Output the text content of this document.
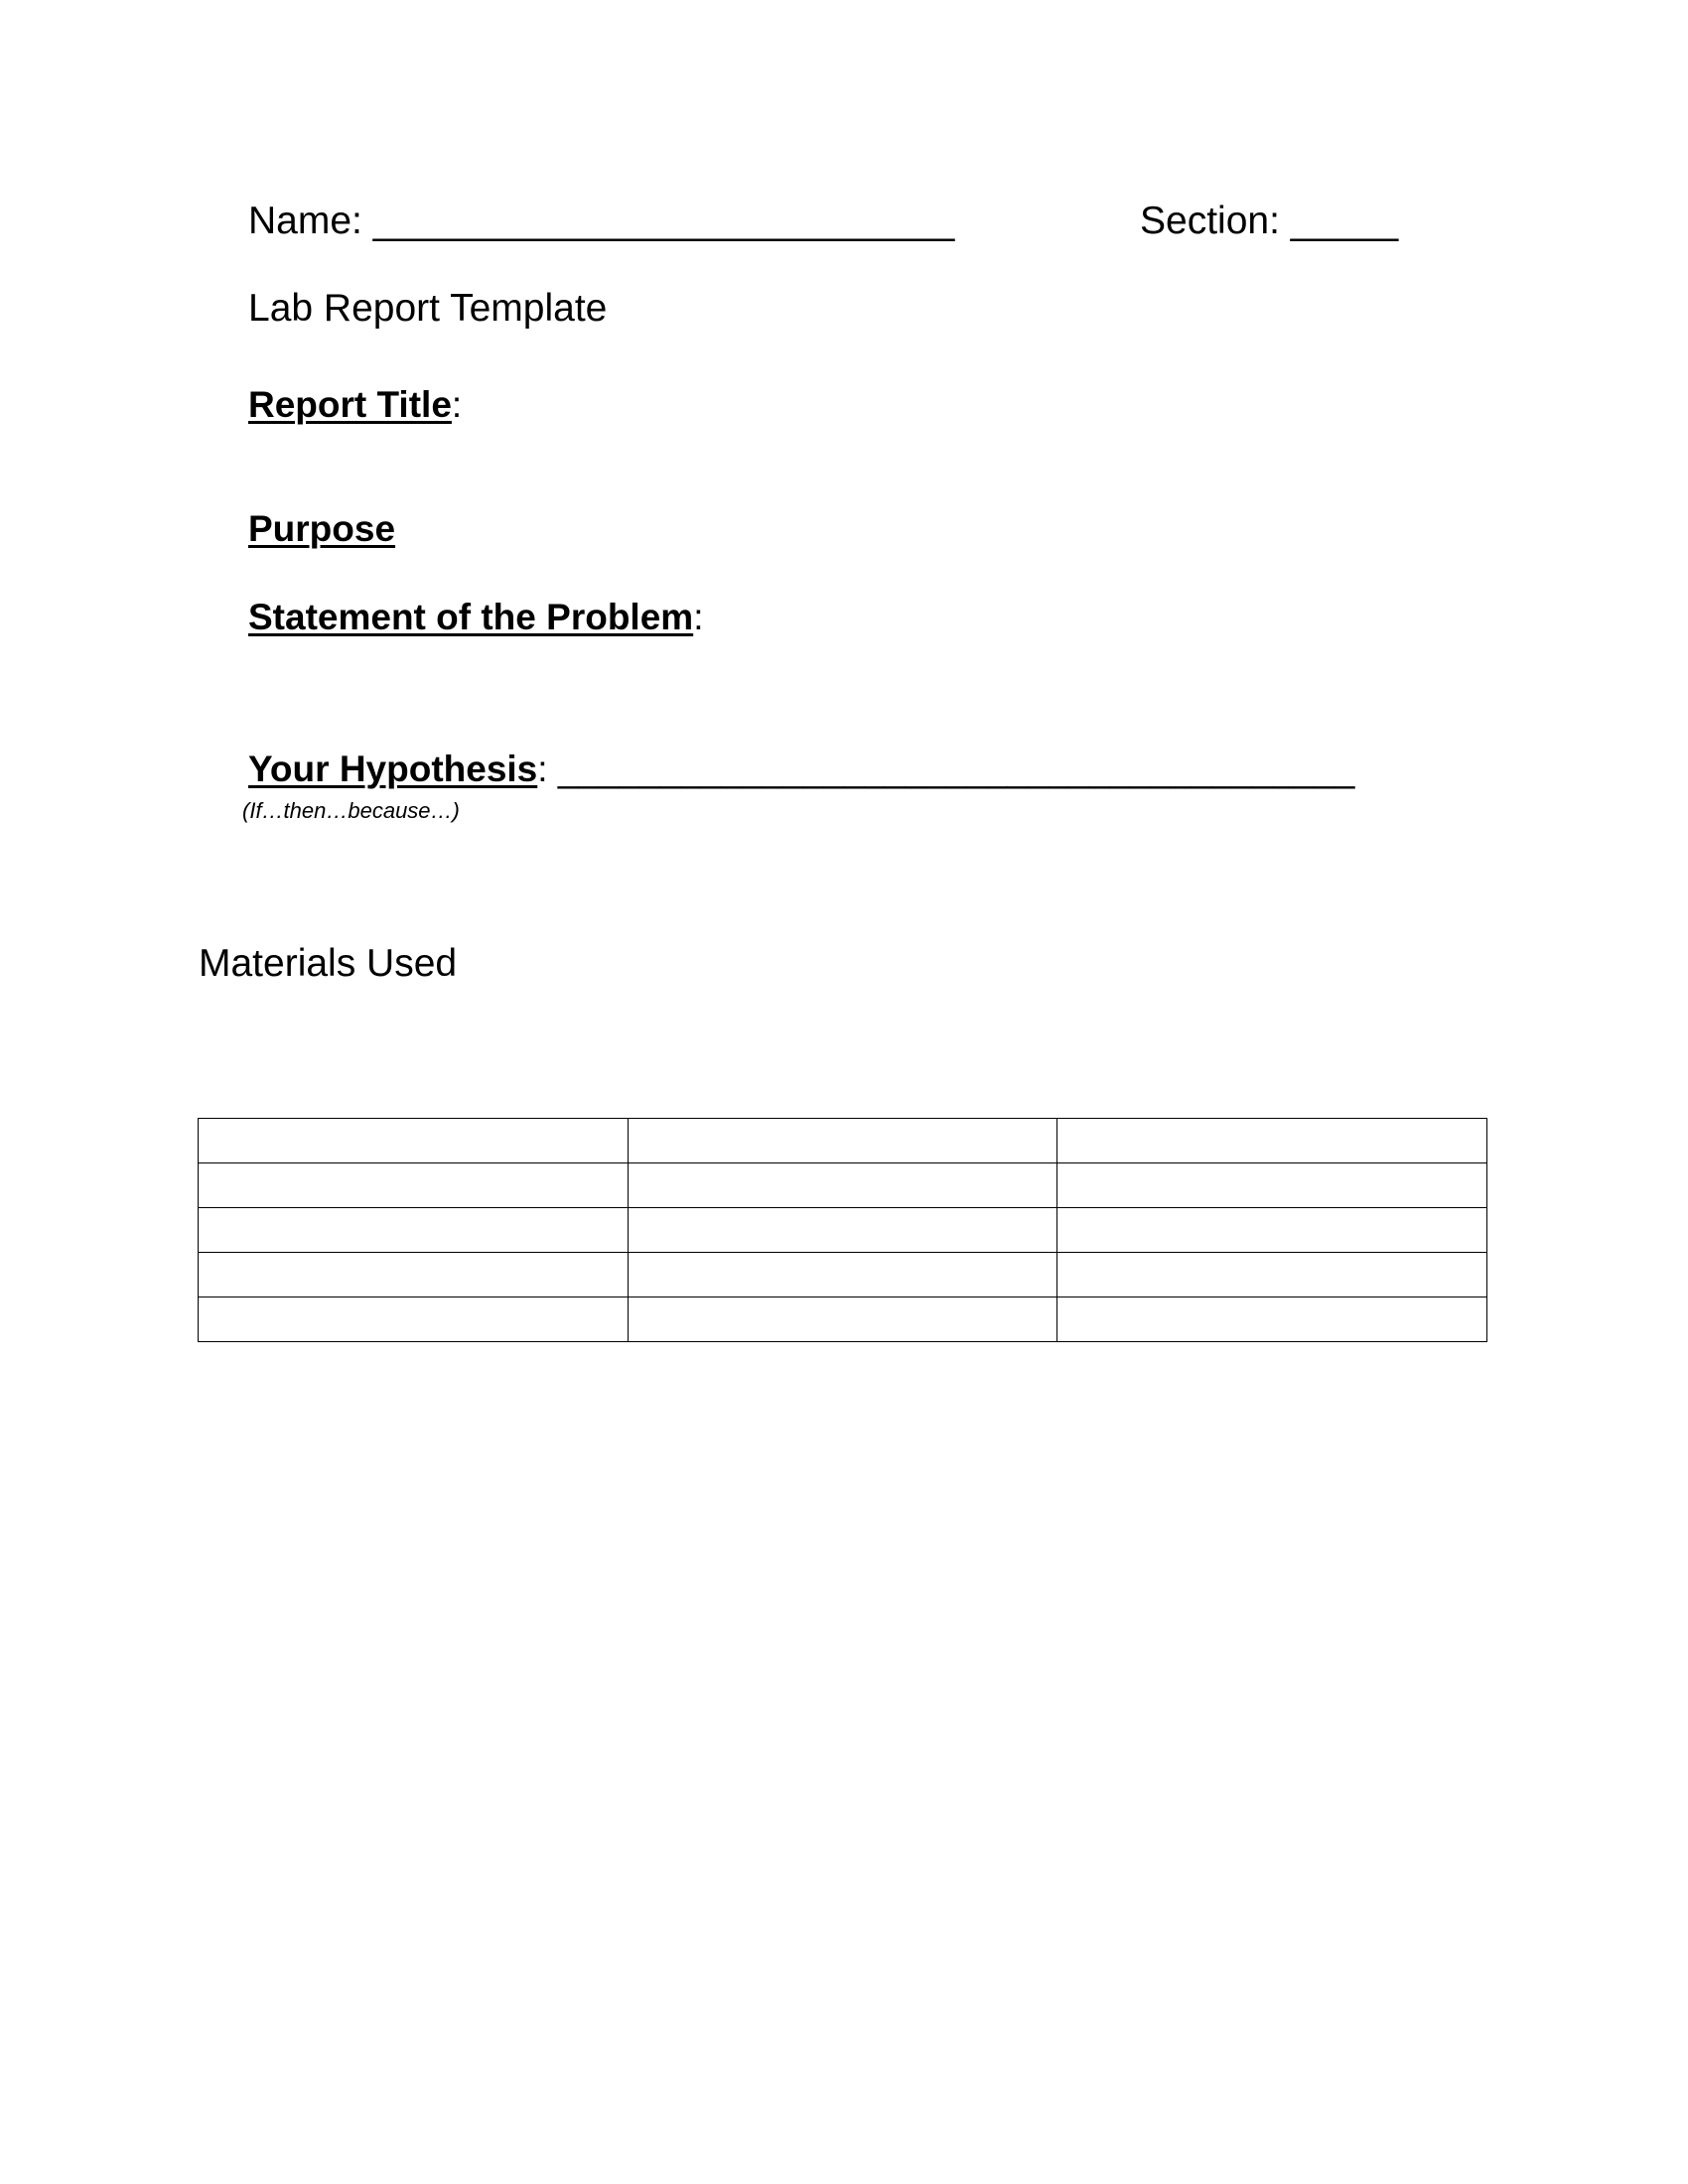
Name: ___________________________	Section: _____
Lab Report Template
Report Title:
Purpose
Statement of the Problem:
Your Hypothesis: _______________________________________
(If…then…because…)
Materials Used
